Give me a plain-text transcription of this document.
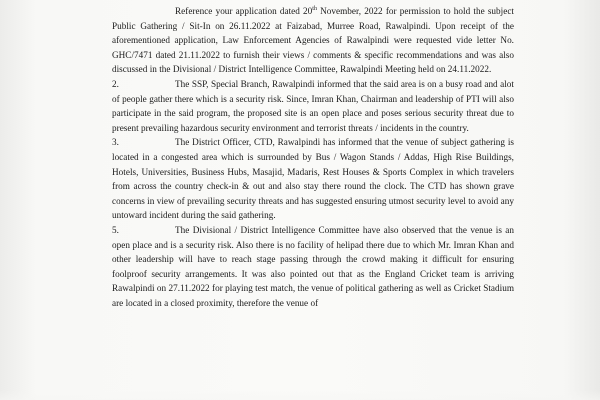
Reference your application dated 20th November, 2022 for permission to hold the subject Public Gathering / Sit-In on 26.11.2022 at Faizabad, Murree Road, Rawalpindi. Upon receipt of the aforementioned application, Law Enforcement Agencies of Rawalpindi were requested vide letter No. GHC/7471 dated 21.11.2022 to furnish their views / comments & specific recommendations and was also discussed in the Divisional / District Intelligence Committee, Rawalpindi Meeting held on 24.11.2022.

2.	The SSP, Special Branch, Rawalpindi informed that the said area is on a busy road and alot of people gather there which is a security risk. Since, Imran Khan, Chairman and leadership of PTI will also participate in the said program, the proposed site is an open place and poses serious security threat due to present prevailing hazardous security environment and terrorist threats / incidents in the country.

3.	The District Officer, CTD, Rawalpindi has informed that the venue of subject gathering is located in a congested area which is surrounded by Bus / Wagon Stands / Addas, High Rise Buildings, Hotels, Universities, Business Hubs, Masajid, Madaris, Rest Houses & Sports Complex in which travelers from across the country check-in & out and also stay there round the clock. The CTD has shown grave concerns in view of prevailing security threats and has suggested ensuring utmost security level to avoid any untoward incident during the said gathering.

5.	The Divisional / District Intelligence Committee have also observed that the venue is an open place and is a security risk. Also there is no facility of helipad there due to which Mr. Imran Khan and other leadership will have to reach stage passing through the crowd making it difficult for ensuring foolproof security arrangements. It was also pointed out that as the England Cricket team is arriving Rawalpindi on 27.11.2022 for playing test match, the venue of political gathering as well as Cricket Stadium are located in a closed proximity, therefore the venue of
